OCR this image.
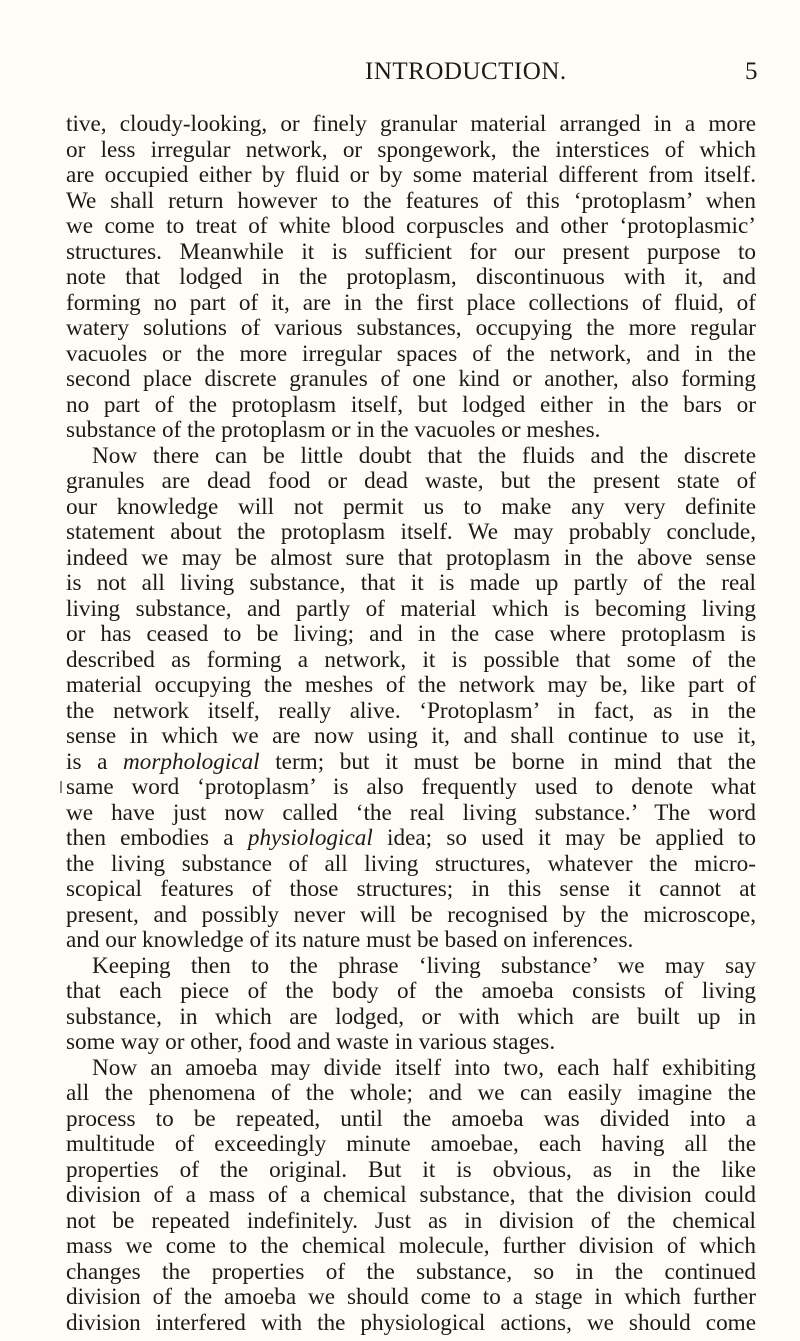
INTRODUCTION.	5
tive, cloudy-looking, or finely granular material arranged in a more
or less irregular network, or spongework, the interstices of which
are occupied either by fluid or by some material different from itself.
We shall return however to the features of this ‘protoplasm’ when
we come to treat of white blood corpuscles and other ‘protoplasmic’
structures. Meanwhile it is sufficient for our present purpose to
note that lodged in the protoplasm, discontinuous with it, and
forming no part of it, are in the first place collections of fluid, of
watery solutions of various substances, occupying the more regular
vacuoles or the more irregular spaces of the network, and in the
second place discrete granules of one kind or another, also forming
no part of the protoplasm itself, but lodged either in the bars or
substance of the protoplasm or in the vacuoles or meshes.
Now there can be little doubt that the fluids and the discrete
granules are dead food or dead waste, but the present state of
our knowledge will not permit us to make any very definite
statement about the protoplasm itself. We may probably conclude,
indeed we may be almost sure that protoplasm in the above sense
is not all living substance, that it is made up partly of the real
living substance, and partly of material which is becoming living
or has ceased to be living; and in the case where protoplasm is
described as forming a network, it is possible that some of the
material occupying the meshes of the network may be, like part of
the network itself, really alive. ‘Protoplasm’ in fact, as in the
sense in which we are now using it, and shall continue to use it,
is a morphological term; but it must be borne in mind that the
same word ‘protoplasm’ is also frequently used to denote what
we have just now called ‘the real living substance.’ The word
then embodies a physiological idea; so used it may be applied to
the living substance of all living structures, whatever the micro-
scopical features of those structures; in this sense it cannot at
present, and possibly never will be recognised by the microscope,
and our knowledge of its nature must be based on inferences.
Keeping then to the phrase ‘living substance’ we may say
that each piece of the body of the amoeba consists of living
substance, in which are lodged, or with which are built up in
some way or other, food and waste in various stages.
Now an amoeba may divide itself into two, each half exhibiting
all the phenomena of the whole; and we can easily imagine the
process to be repeated, until the amoeba was divided into a
multitude of exceedingly minute amoebae, each having all the
properties of the original. But it is obvious, as in the like
division of a mass of a chemical substance, that the division could
not be repeated indefinitely. Just as in division of the chemical
mass we come to the chemical molecule, further division of which
changes the properties of the substance, so in the continued
division of the amoeba we should come to a stage in which further
division interfered with the physiological actions, we should come
